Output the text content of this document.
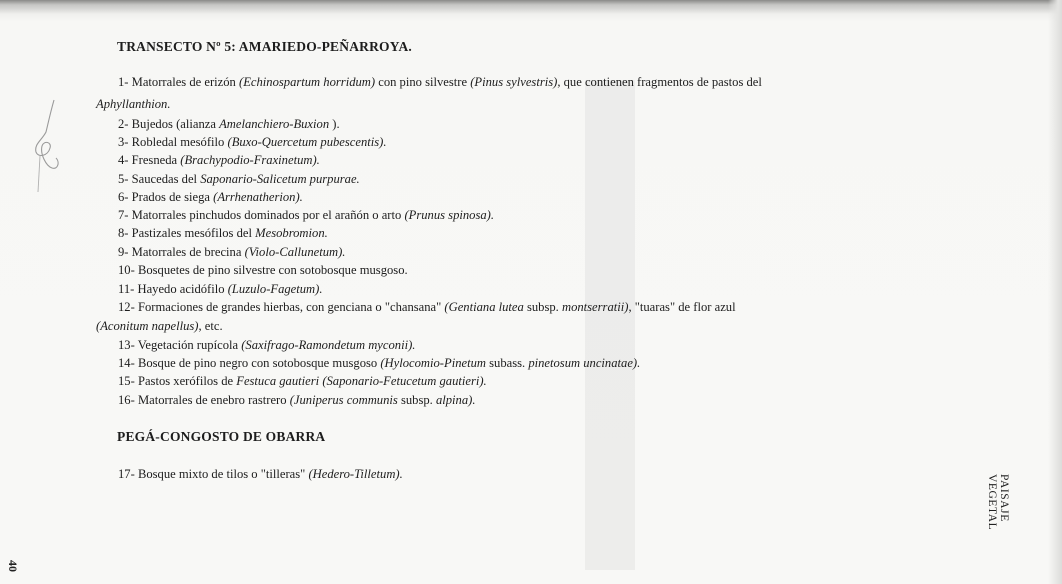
TRANSECTO Nº 5: AMARIEDO-PEÑARROYA.
1- Matorrales de erizón (Echinospartum horridum) con pino silvestre (Pinus sylvestris), que contienen fragmentos de pastos del
Aphyllanthion.
2- Bujedos (alianza Amelanchiero-Buxion ).
3- Robledal mesófilo (Buxo-Quercetum pubescentis).
4- Fresneda (Brachypodio-Fraxinetum).
5- Saucedas del Saponario-Salicetum purpurae.
6- Prados de siega (Arrhenatherion).
7- Matorrales pinchudos dominados por el arañón o arto (Prunus spinosa).
8- Pastizales mesófilos del Mesobromion.
9- Matorrales de brecina (Violo-Callunetum).
10- Bosquetes de pino silvestre con sotobosque musgoso.
11- Hayedo acidófilo (Luzulo-Fagetum).
12- Formaciones de grandes hierbas, con genciana o "chansana" (Gentiana lutea subsp. montserratii), "tuaras" de flor azul
(Aconitum napellus), etc.
13- Vegetación rupícola (Saxifrago-Ramondetum myconii).
14- Bosque de pino negro con sotobosque musgoso (Hylocomio-Pinetum subass. pinetosum uncinatae).
15- Pastos xerófilos de Festuca gautieri (Saponario-Fetucetum gautieri).
16- Matorrales de enebro rastrero (Juniperus communis subsp. alpina).
PEGÁ-CONGOSTO DE OBARRA
17- Bosque mixto de tilos o "tilleras" (Hedero-Tilletum).	PAISAJE VEGETAL
40
